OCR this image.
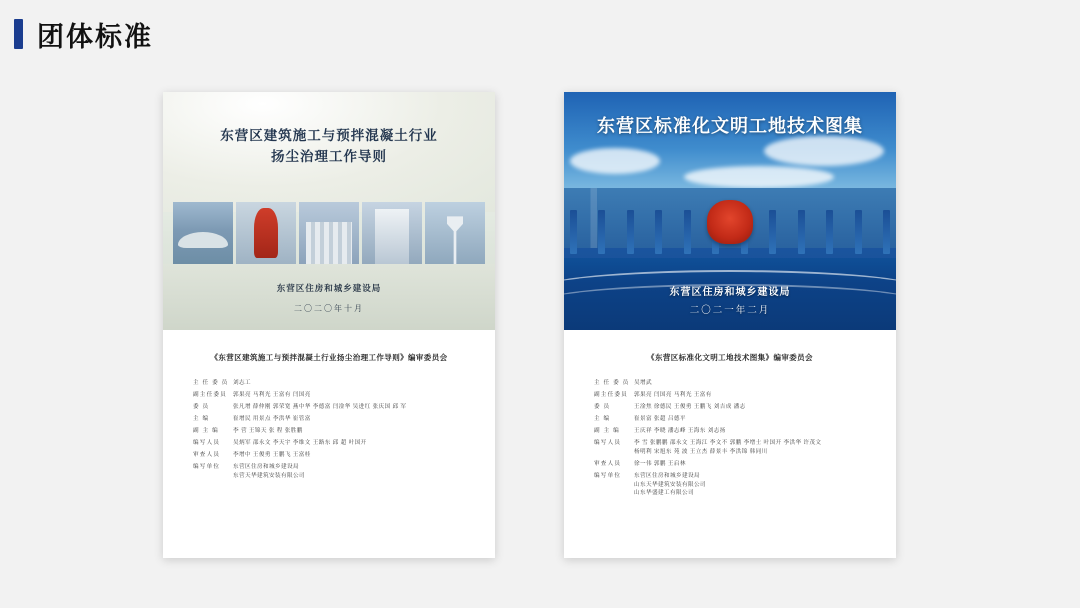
团体标准
东营区建筑施工与预拌混凝土行业
扬尘治理工作导则
东营区住房和城乡建设局
二〇二〇年十月
《东营区建筑施工与预拌混凝土行业扬尘治理工作导则》编审委员会
主 任 委 员 刘志工
副主任委员	郭果亮 马利光 王富有 闫国亮
委 员	张凡增 薛仲刚 郭荣宽 燕中华 李德富 闫淦华 吴进红 张庆国 邱 军
主 编	崔增民 用景点 李洪华 崔管富
副 主 编	李 营 王锦天 张 程 张胜鹏
编写人员	吴炳军 邵永文 李天宇 李维文 王路东 邱 超 叶国开
审查人员	李增中 王俊勇 王鹏飞 王富桂
编写单位	东营区住房和城乡建设局
东营天华建筑安装有限公司
东营区标准化文明工地技术图集
东营区住房和城乡建设局
二〇二一年二月
《东营区标准化文明工地技术图集》编审委员会
主 任 委 员 吴增武
副主任委员	郭果亮 闫国亮 马利光 王富有
委 员	王淦焦 徐德民 王俊勇 王鹏飞 刘吉成 潘志
主 编	崔景富 张超 吕德平
副 主 编	王庆祥 李晓 潘志峰 王海东 刘志扬
编写人员	李 雪 张鹏鹏 邵永文 王海江 李文不 郭鹏 李增士 叶国开 李洪华 许茂文
杨明利 宋旭东 苑 波 王立杰 薛景丰 李洪锦 韩同川
审查人员	徐一伟 郭鹏 王启林
编写单位	东营区住房和城乡建设局
山东天华建筑安装有限公司
山东华盛建工有限公司
